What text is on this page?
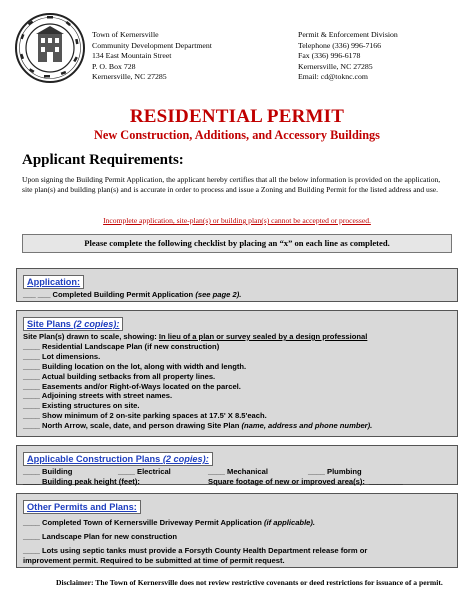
Town of Kernersville
Community Development Department
134 East Mountain Street
P. O. Box 728
Kernersville, NC 27285
Permit & Enforcement Division
Telephone (336) 996-7166
Fax (336) 996-6178
Kernersville, NC 27285
Email: cd@toknc.com
RESIDENTIAL PERMIT
New Construction, Additions, and Accessory Buildings
Applicant Requirements:
Upon signing the Building Permit Application, the applicant hereby certifies that all the below information is provided on the application, site plan(s) and building plan(s) and is accurate in order to process and issue a Zoning and Building Permit for the listed address and use.
Incomplete application, site-plan(s) or building plan(s) cannot be accepted or processed.
Please complete the following checklist by placing an “x” on each line as completed.
Application:
___ ___ Completed Building Permit Application (see page 2).
Site Plans (2 copies):
Site Plan(s) drawn to scale, showing: In lieu of a plan or survey sealed by a design professional
____ Residential Landscape Plan (if new construction)
____ Lot dimensions.
____ Building location on the lot, along with width and length.
____ Actual building setbacks from all property lines.
____ Easements and/or Right-of-Ways located on the parcel.
____ Adjoining streets with street names.
____ Existing structures on site.
____ Show minimum of 2 on-site parking spaces at 17.5' X 8.5'each.
____ North Arrow, scale, date, and person drawing Site Plan (name, address and phone number).
Applicable Construction Plans (2 copies):
____ Building	____ Electrical	____ Mechanical	____ Plumbing
____ Building peak height (feet):	Square footage of new or improved area(s): ________
Other Permits and Plans:
____ Completed Town of Kernersville Driveway Permit Application (if applicable).
____ Landscape Plan for new construction
____ Lots using septic tanks must provide a Forsyth County Health Department release form or
improvement permit. Required to be submitted at time of permit request.
Disclaimer: The Town of Kernersville does not review restrictive covenants or deed restrictions for issuance of a permit.
